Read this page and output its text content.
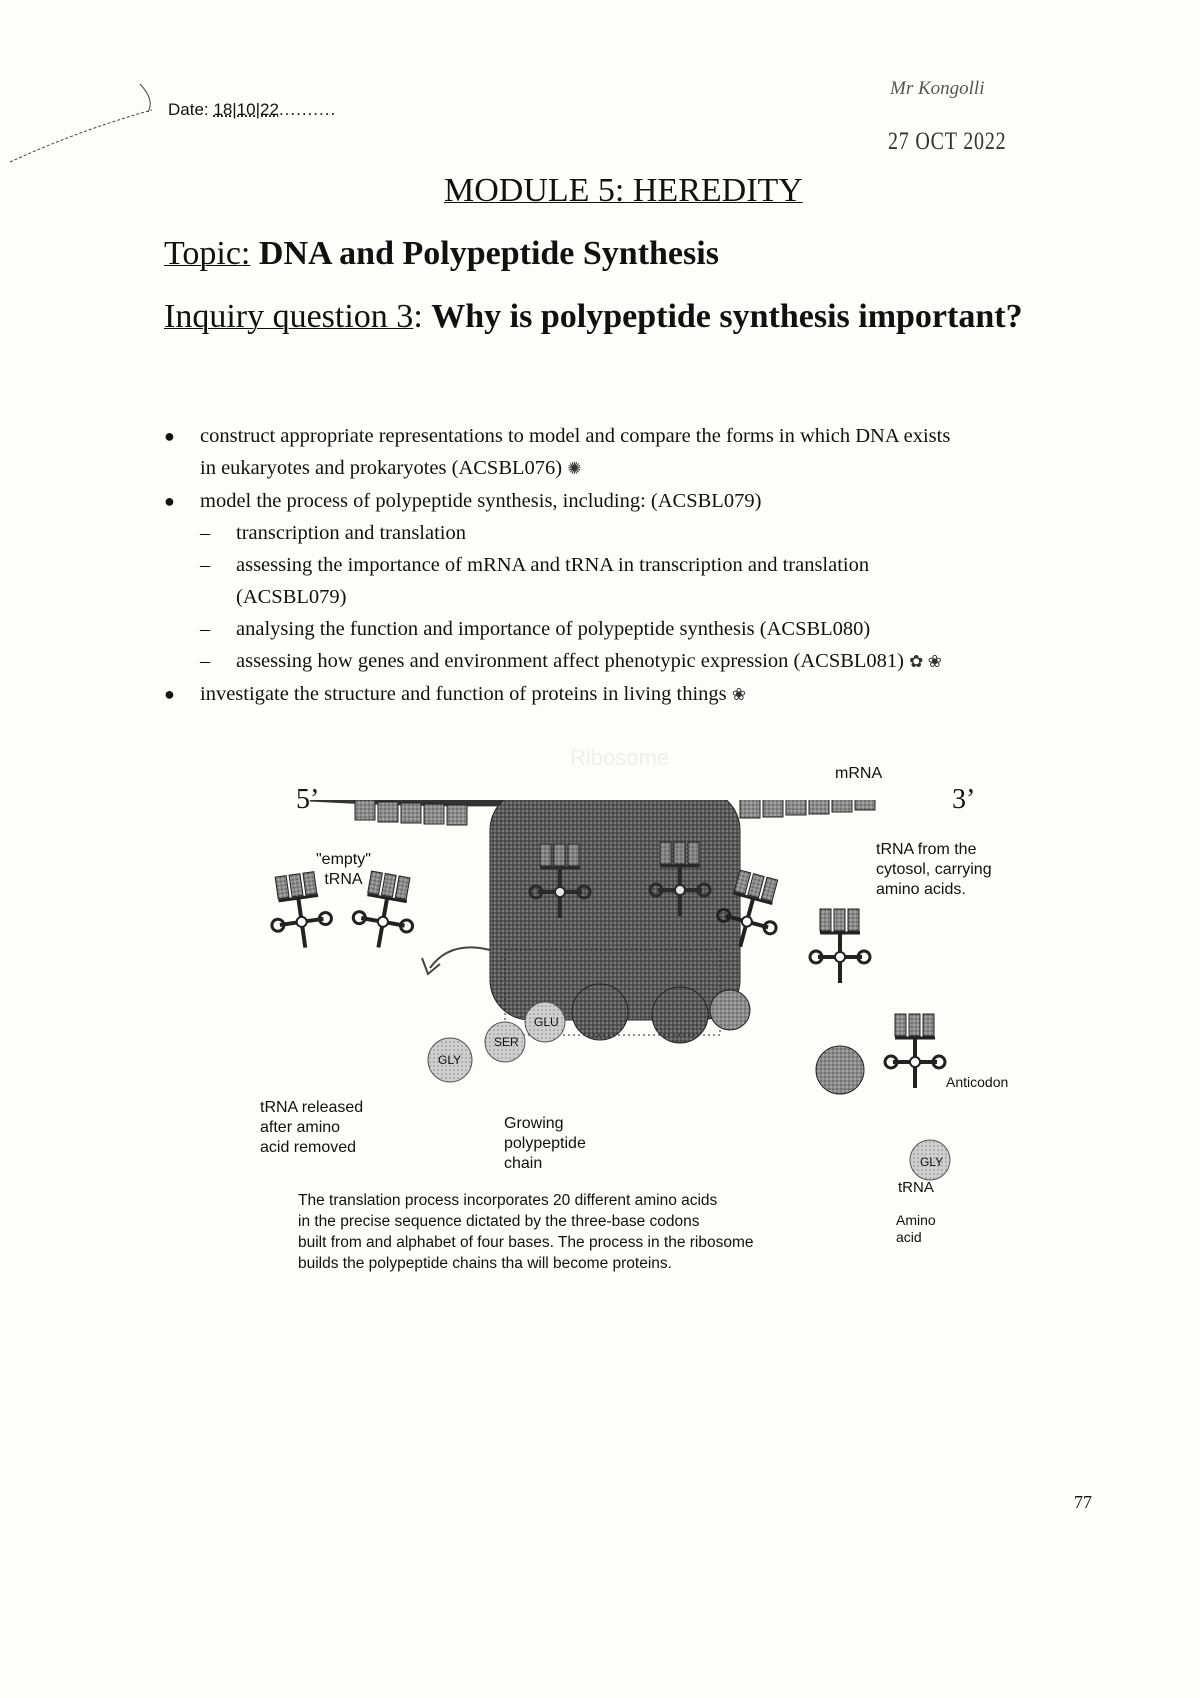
Date: 18|10|22..........
Mr Kongolli
27 OCT 2022
MODULE 5: HEREDITY
Topic: DNA and Polypeptide Synthesis
Inquiry question 3: Why is polypeptide synthesis important?
● construct appropriate representations to model and compare the forms in which DNA exists
in eukaryotes and prokaryotes (ACSBL076) ✺
● model the process of polypeptide synthesis, including: (ACSBL079)
– transcription and translation
– assessing the importance of mRNA and tRNA in transcription and translation
(ACSBL079)
– analysing the function and importance of polypeptide synthesis (ACSBL080)
– assessing how genes and environment affect phenotypic expression (ACSBL081) ✿ ❀
● investigate the structure and function of proteins in living things ❀
5’	3’
Ribosome
mRNA
"empty"
tRNA
tRNA from the
cytosol, carrying
amino acids.
tRNA released
after amino
acid removed
Growing
polypeptide
chain
Anticodon
tRNA
Amino
acid
GLY
SER
GLU
GLY
The translation process incorporates 20 different amino acids
in the precise sequence dictated by the three-base codons
built from and alphabet of four bases. The process in the ribosome
builds the polypeptide chains tha will become proteins.
77
